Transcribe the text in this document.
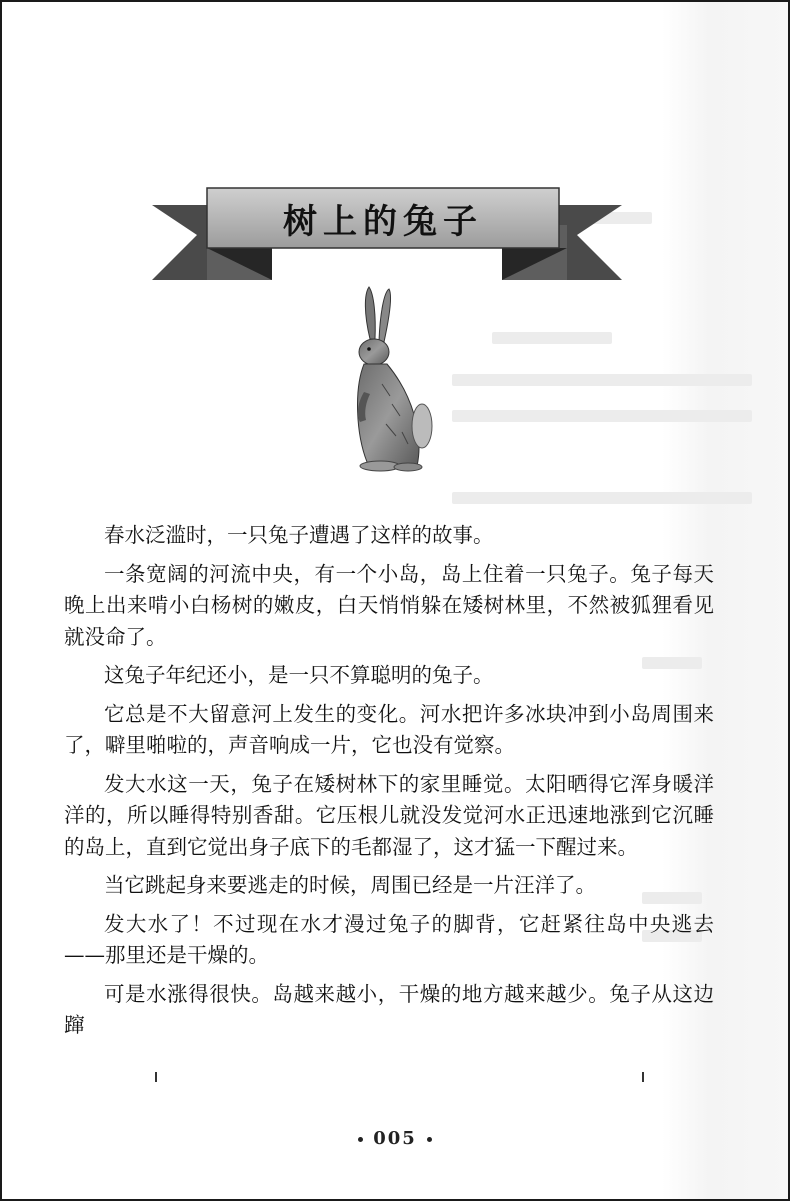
树上的兔子

春水泛滥时，一只兔子遭遇了这样的故事。

一条宽阔的河流中央，有一个小岛，岛上住着一只兔子。兔子每天晚上出来啃小白杨树的嫩皮，白天悄悄躲在矮树林里，不然被狐狸看见就没命了。

这兔子年纪还小，是一只不算聪明的兔子。

它总是不大留意河上发生的变化。河水把许多冰块冲到小岛周围来了，噼里啪啦的，声音响成一片，它也没有觉察。

发大水这一天，兔子在矮树林下的家里睡觉。太阳晒得它浑身暖洋洋的，所以睡得特别香甜。它压根儿就没发觉河水正迅速地涨到它沉睡的岛上，直到它觉出身子底下的毛都湿了，这才猛一下醒过来。

当它跳起身来要逃走的时候，周围已经是一片汪洋了。

发大水了！不过现在水才漫过兔子的脚背，它赶紧往岛中央逃去——那里还是干燥的。

可是水涨得很快。岛越来越小，干燥的地方越来越少。兔子从这边蹿

005
